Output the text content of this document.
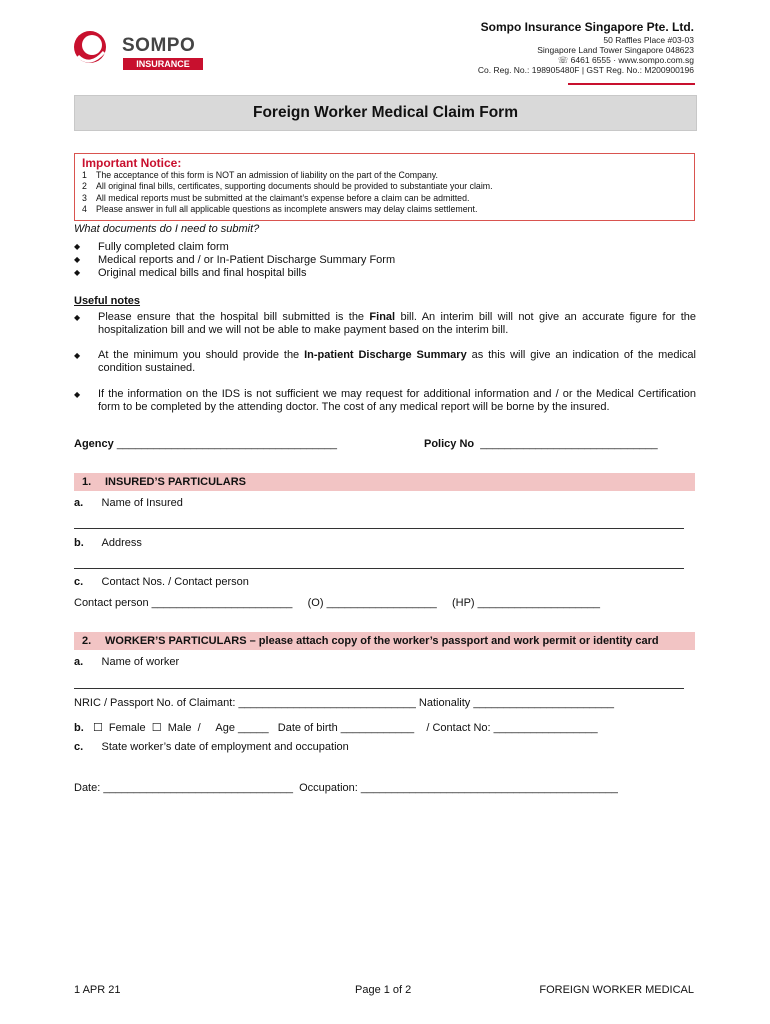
SOMPO
INSURANCE
Sompo Insurance Singapore Pte. Ltd.
50 Raffles Place #03-03
Singapore Land Tower Singapore 048623
☏ 6461 6555 · www.sompo.com.sg
Co. Reg. No.: 198905480F | GST Reg. No.: M200900196
Foreign Worker Medical Claim Form
Important Notice:
1 The acceptance of this form is NOT an admission of liability on the part of the Company.
2 All original final bills, certificates, supporting documents should be provided to substantiate your claim.
3 All medical reports must be submitted at the claimant’s expense before a claim can be admitted.
4 Please answer in full all applicable questions as incomplete answers may delay claims settlement.
What documents do I need to submit?
◆ Fully completed claim form
◆ Medical reports and / or In-Patient Discharge Summary Form
◆ Original medical bills and final hospital bills
Useful notes
◆ Please ensure that the hospital bill submitted is the Final bill. An interim bill will not give an accurate figure for the hospitalization bill and we will not be able to make payment based on the interim bill.
◆ At the minimum you should provide the In-patient Discharge Summary as this will give an indication of the medical condition sustained.
◆ If the information on the IDS is not sufficient we may request for additional information and / or the Medical Certification form to be completed by the attending doctor. The cost of any medical report will be borne by the insured.
Agency ____________________________________	Policy No _____________________________
1. INSURED’S PARTICULARS
a. Name of Insured
b. Address
c. Contact Nos. / Contact person
Contact person _______________________     (O) __________________     (HP) ____________________
2. WORKER’S PARTICULARS – please attach copy of the worker’s passport and work permit or identity card
a. Name of worker
NRIC / Passport No. of Claimant: _____________________________ Nationality _______________________
b. ☐  Female  ☐  Male  /     Age _____   Date of birth ____________    / Contact No: _________________
c. State worker’s date of employment and occupation
Date: _______________________________  Occupation: __________________________________________
1 APR 21	Page 1 of 2	FOREIGN WORKER MEDICAL
